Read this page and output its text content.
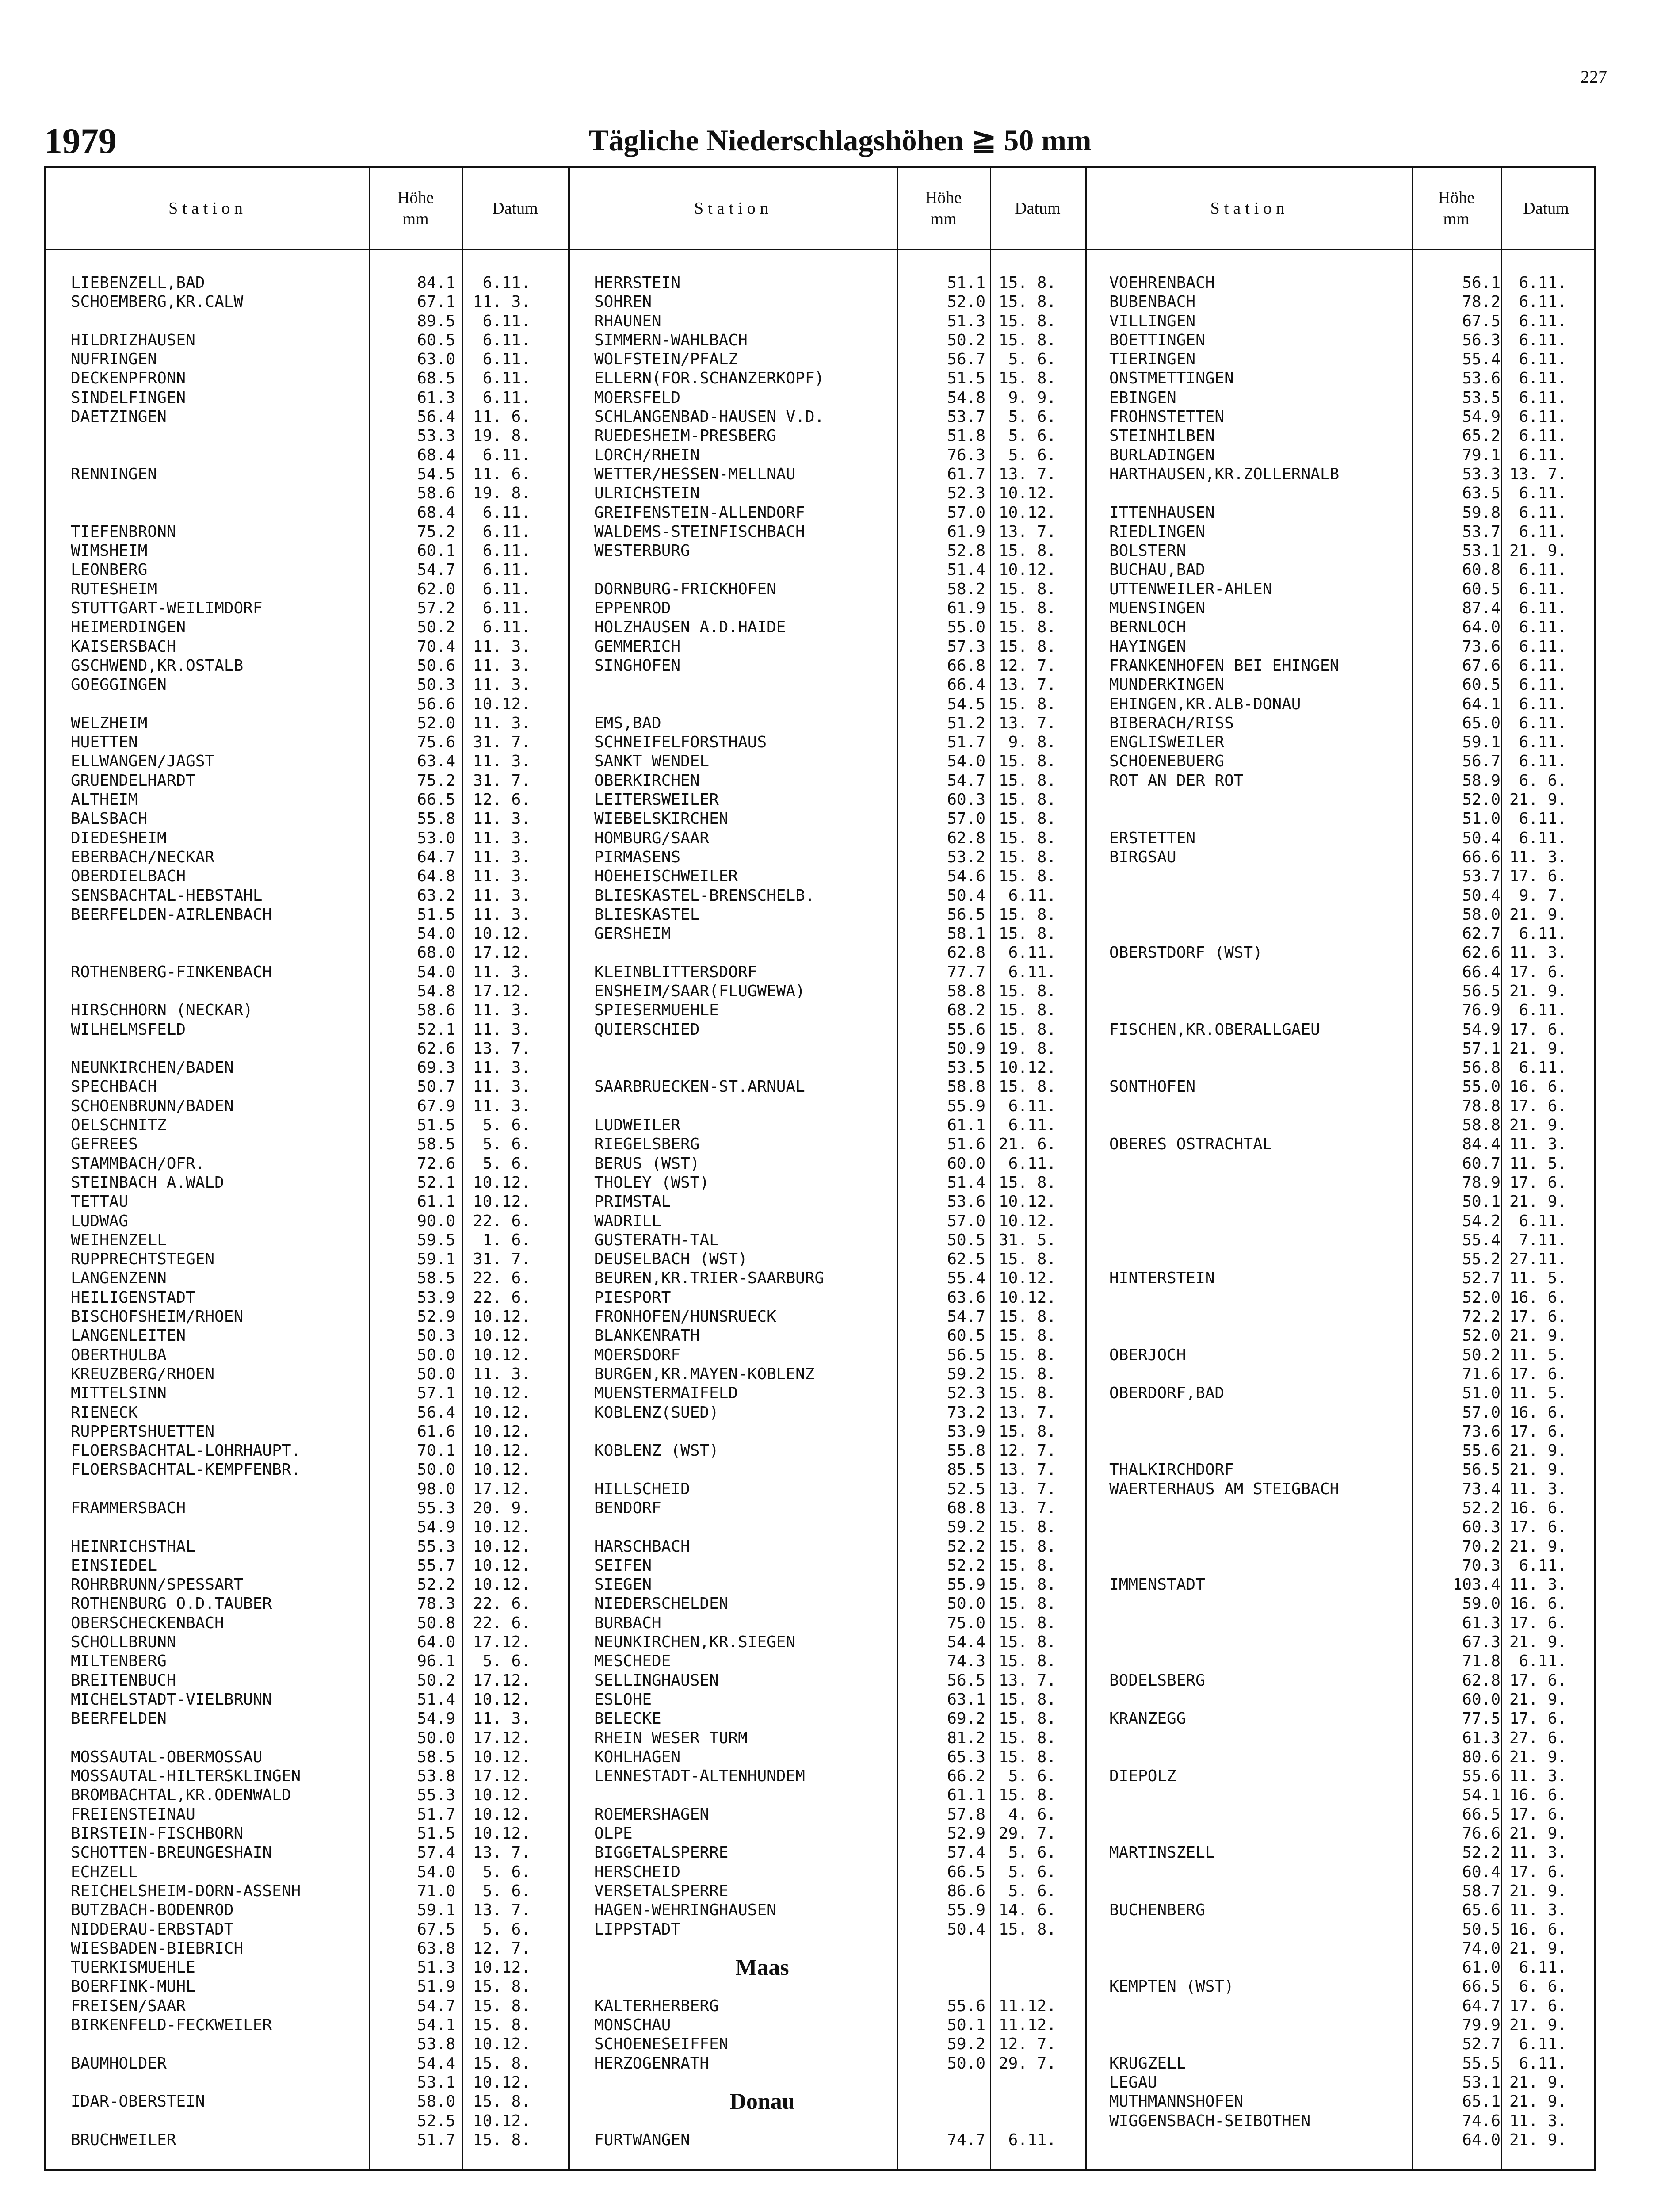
227
1979	Tägliche Niederschlagshöhen ≧ 50 mm
Station
Höhe
mm
Datum
LIEBENZELL,BAD	84.1	6.11.
SCHOEMBERG,KR.CALW	67.1	11. 3.
89.5	6.11.
HILDRIZHAUSEN	60.5	6.11.
NUFRINGEN	63.0	6.11.
DECKENPFRONN	68.5	6.11.
SINDELFINGEN	61.3	6.11.
DAETZINGEN	56.4	11. 6.
53.3	19. 8.
68.4	6.11.
RENNINGEN	54.5	11. 6.
58.6	19. 8.
68.4	6.11.
TIEFENBRONN	75.2	6.11.
WIMSHEIM	60.1	6.11.
LEONBERG	54.7	6.11.
RUTESHEIM	62.0	6.11.
STUTTGART-WEILIMDORF	57.2	6.11.
HEIMERDINGEN	50.2	6.11.
KAISERSBACH	70.4	11. 3.
GSCHWEND,KR.OSTALB	50.6	11. 3.
GOEGGINGEN	50.3	11. 3.
56.6	10.12.
WELZHEIM	52.0	11. 3.
HUETTEN	75.6	31. 7.
ELLWANGEN/JAGST	63.4	11. 3.
GRUENDELHARDT	75.2	31. 7.
ALTHEIM	66.5	12. 6.
BALSBACH	55.8	11. 3.
DIEDESHEIM	53.0	11. 3.
EBERBACH/NECKAR	64.7	11. 3.
OBERDIELBACH	64.8	11. 3.
SENSBACHTAL-HEBSTAHL	63.2	11. 3.
BEERFELDEN-AIRLENBACH	51.5	11. 3.
54.0	10.12.
68.0	17.12.
ROTHENBERG-FINKENBACH	54.0	11. 3.
54.8	17.12.
HIRSCHHORN (NECKAR)	58.6	11. 3.
WILHELMSFELD	52.1	11. 3.
62.6	13. 7.
NEUNKIRCHEN/BADEN	69.3	11. 3.
SPECHBACH	50.7	11. 3.
SCHOENBRUNN/BADEN	67.9	11. 3.
OELSCHNITZ	51.5	5. 6.
GEFREES	58.5	5. 6.
STAMMBACH/OFR.	72.6	5. 6.
STEINBACH A.WALD	52.1	10.12.
TETTAU	61.1	10.12.
LUDWAG	90.0	22. 6.
WEIHENZELL	59.5	1. 6.
RUPPRECHTSTEGEN	59.1	31. 7.
LANGENZENN	58.5	22. 6.
HEILIGENSTADT	53.9	22. 6.
BISCHOFSHEIM/RHOEN	52.9	10.12.
LANGENLEITEN	50.3	10.12.
OBERTHULBA	50.0	10.12.
KREUZBERG/RHOEN	50.0	11. 3.
MITTELSINN	57.1	10.12.
RIENECK	56.4	10.12.
RUPPERTSHUETTEN	61.6	10.12.
FLOERSBACHTAL-LOHRHAUPT.	70.1	10.12.
FLOERSBACHTAL-KEMPFENBR.	50.0	10.12.
98.0	17.12.
FRAMMERSBACH	55.3	20. 9.
54.9	10.12.
HEINRICHSTHAL	55.3	10.12.
EINSIEDEL	55.7	10.12.
ROHRBRUNN/SPESSART	52.2	10.12.
ROTHENBURG O.D.TAUBER	78.3	22. 6.
OBERSCHECKENBACH	50.8	22. 6.
SCHOLLBRUNN	64.0	17.12.
MILTENBERG	96.1	5. 6.
BREITENBUCH	50.2	17.12.
MICHELSTADT-VIELBRUNN	51.4	10.12.
BEERFELDEN	54.9	11. 3.
50.0	17.12.
MOSSAUTAL-OBERMOSSAU	58.5	10.12.
MOSSAUTAL-HILTERSKLINGEN	53.8	17.12.
BROMBACHTAL,KR.ODENWALD	55.3	10.12.
FREIENSTEINAU	51.7	10.12.
BIRSTEIN-FISCHBORN	51.5	10.12.
SCHOTTEN-BREUNGESHAIN	57.4	13. 7.
ECHZELL	54.0	5. 6.
REICHELSHEIM-DORN-ASSENH	71.0	5. 6.
BUTZBACH-BODENROD	59.1	13. 7.
NIDDERAU-ERBSTADT	67.5	5. 6.
WIESBADEN-BIEBRICH	63.8	12. 7.
TUERKISMUEHLE	51.3	10.12.
BOERFINK-MUHL	51.9	15. 8.
FREISEN/SAAR	54.7	15. 8.
BIRKENFELD-FECKWEILER	54.1	15. 8.
53.8	10.12.
BAUMHOLDER	54.4	15. 8.
53.1	10.12.
IDAR-OBERSTEIN	58.0	15. 8.
52.5	10.12.
BRUCHWEILER	51.7	15. 8.
Station
Höhe
mm
Datum
HERRSTEIN	51.1 15. 8.
SOHREN	52.0 15. 8.
RHAUNEN	51.3 15. 8.
SIMMERN-WAHLBACH	50.2 15. 8.
WOLFSTEIN/PFALZ	56.7	5. 6.
ELLERN(FOR.SCHANZERKOPF)	51.5 15. 8.
MOERSFELD	54.8	9. 9.
SCHLANGENBAD-HAUSEN V.D.	53.7	5. 6.
RUEDESHEIM-PRESBERG	51.8	5. 6.
LORCH/RHEIN	76.3	5. 6.
WETTER/HESSEN-MELLNAU	61.7 13. 7.
ULRICHSTEIN	52.3 10.12.
GREIFENSTEIN-ALLENDORF	57.0 10.12.
WALDEMS-STEINFISCHBACH	61.9 13. 7.
WESTERBURG	52.8 15. 8.
51.4 10.12.
DORNBURG-FRICKHOFEN	58.2 15. 8.
EPPENROD	61.9 15. 8.
HOLZHAUSEN A.D.HAIDE	55.0 15. 8.
GEMMERICH	57.3 15. 8.
SINGHOFEN	66.8 12. 7.
66.4 13. 7.
54.5 15. 8.
EMS,BAD	51.2 13. 7.
SCHNEIFELFORSTHAUS	51.7	9. 8.
SANKT WENDEL	54.0 15. 8.
OBERKIRCHEN	54.7 15. 8.
LEITERSWEILER	60.3 15. 8.
WIEBELSKIRCHEN	57.0 15. 8.
HOMBURG/SAAR	62.8 15. 8.
PIRMASENS	53.2 15. 8.
HOEHEISCHWEILER	54.6 15. 8.
BLIESKASTEL-BRENSCHELB.	50.4	6.11.
BLIESKASTEL	56.5 15. 8.
GERSHEIM	58.1 15. 8.
62.8	6.11.
KLEINBLITTERSDORF	77.7	6.11.
ENSHEIM/SAAR(FLUGWEWA)	58.8 15. 8.
SPIESERMUEHLE	68.2 15. 8.
QUIERSCHIED	55.6 15. 8.
50.9 19. 8.
53.5 10.12.
SAARBRUECKEN-ST.ARNUAL	58.8 15. 8.
55.9	6.11.
LUDWEILER	61.1	6.11.
RIEGELSBERG	51.6 21. 6.
BERUS (WST)	60.0	6.11.
THOLEY (WST)	51.4 15. 8.
PRIMSTAL	53.6 10.12.
WADRILL	57.0 10.12.
GUSTERATH-TAL	50.5 31. 5.
DEUSELBACH (WST)	62.5 15. 8.
BEUREN,KR.TRIER-SAARBURG	55.4 10.12.
PIESPORT	63.6 10.12.
FRONHOFEN/HUNSRUECK	54.7 15. 8.
BLANKENRATH	60.5 15. 8.
MOERSDORF	56.5 15. 8.
BURGEN,KR.MAYEN-KOBLENZ	59.2 15. 8.
MUENSTERMAIFELD	52.3 15. 8.
KOBLENZ(SUED)	73.2 13. 7.
53.9 15. 8.
KOBLENZ (WST)	55.8 12. 7.
85.5 13. 7.
HILLSCHEID	52.5 13. 7.
BENDORF	68.8 13. 7.
59.2 15. 8.
HARSCHBACH	52.2 15. 8.
SEIFEN	52.2 15. 8.
SIEGEN	55.9 15. 8.
NIEDERSCHELDEN	50.0 15. 8.
BURBACH	75.0 15. 8.
NEUNKIRCHEN,KR.SIEGEN	54.4 15. 8.
MESCHEDE	74.3 15. 8.
SELLINGHAUSEN	56.5 13. 7.
ESLOHE	63.1 15. 8.
BELECKE	69.2 15. 8.
RHEIN WESER TURM	81.2 15. 8.
KOHLHAGEN	65.3 15. 8.
LENNESTADT-ALTENHUNDEM	66.2	5. 6.
61.1 15. 8.
ROEMERSHAGEN	57.8	4. 6.
OLPE	52.9 29. 7.
BIGGETALSPERRE	57.4	5. 6.
HERSCHEID	66.5	5. 6.
VERSETALSPERRE	86.6	5. 6.
HAGEN-WEHRINGHAUSEN	55.9 14. 6.
LIPPSTADT	50.4 15. 8.
Maas
KALTERHERBERG	55.6 11.12.
MONSCHAU	50.1 11.12.
SCHOENESEIFFEN	59.2 12. 7.
HERZOGENRATH	50.0 29. 7.
Donau
FURTWANGEN	74.7	6.11.
Station
Höhe
mm
Datum
VOEHRENBACH	56.1	6.11.
BUBENBACH	78.2	6.11.
VILLINGEN	67.5	6.11.
BOETTINGEN	56.3	6.11.
TIERINGEN	55.4	6.11.
ONSTMETTINGEN	53.6	6.11.
EBINGEN	53.5	6.11.
FROHNSTETTEN	54.9	6.11.
STEINHILBEN	65.2	6.11.
BURLADINGEN	79.1	6.11.
HARTHAUSEN,KR.ZOLLERNALB	53.3 13. 7.
63.5	6.11.
ITTENHAUSEN	59.8	6.11.
RIEDLINGEN	53.7	6.11.
BOLSTERN	53.1 21. 9.
BUCHAU,BAD	60.8	6.11.
UTTENWEILER-AHLEN	60.5	6.11.
MUENSINGEN	87.4	6.11.
BERNLOCH	64.0	6.11.
HAYINGEN	73.6	6.11.
FRANKENHOFEN BEI EHINGEN	67.6	6.11.
MUNDERKINGEN	60.5	6.11.
EHINGEN,KR.ALB-DONAU	64.1	6.11.
BIBERACH/RISS	65.0	6.11.
ENGLISWEILER	59.1	6.11.
SCHOENEBUERG	56.7	6.11.
ROT AN DER ROT	58.9	6. 6.
52.0 21. 9.
51.0	6.11.
ERSTETTEN	50.4	6.11.
BIRGSAU	66.6 11. 3.
53.7 17. 6.
50.4	9. 7.
58.0 21. 9.
62.7	6.11.
OBERSTDORF (WST)	62.6 11. 3.
66.4 17. 6.
56.5 21. 9.
76.9	6.11.
FISCHEN,KR.OBERALLGAEU	54.9 17. 6.
57.1 21. 9.
56.8	6.11.
SONTHOFEN	55.0 16. 6.
78.8 17. 6.
58.8 21. 9.
OBERES OSTRACHTAL	84.4 11. 3.
60.7 11. 5.
78.9 17. 6.
50.1 21. 9.
54.2	6.11.
55.4	7.11.
55.2 27.11.
HINTERSTEIN	52.7 11. 5.
52.0 16. 6.
72.2 17. 6.
52.0 21. 9.
OBERJOCH	50.2 11. 5.
71.6 17. 6.
OBERDORF,BAD	51.0 11. 5.
57.0 16. 6.
73.6 17. 6.
55.6 21. 9.
THALKIRCHDORF	56.5 21. 9.
WAERTERHAUS AM STEIGBACH	73.4 11. 3.
52.2 16. 6.
60.3 17. 6.
70.2 21. 9.
70.3	6.11.
IMMENSTADT	103.4 11. 3.
59.0 16. 6.
61.3 17. 6.
67.3 21. 9.
71.8	6.11.
BODELSBERG	62.8 17. 6.
60.0 21. 9.
KRANZEGG	77.5 17. 6.
61.3 27. 6.
80.6 21. 9.
DIEPOLZ	55.6 11. 3.
54.1 16. 6.
66.5 17. 6.
76.6 21. 9.
MARTINSZELL	52.2 11. 3.
60.4 17. 6.
58.7 21. 9.
BUCHENBERG	65.6 11. 3.
50.5 16. 6.
74.0 21. 9.
61.0	6.11.
KEMPTEN (WST)	66.5	6. 6.
64.7 17. 6.
79.9 21. 9.
52.7	6.11.
KRUGZELL	55.5	6.11.
LEGAU	53.1 21. 9.
MUTHMANNSHOFEN	65.1 21. 9.
WIGGENSBACH-SEIBOTHEN	74.6 11. 3.
64.0 21. 9.
